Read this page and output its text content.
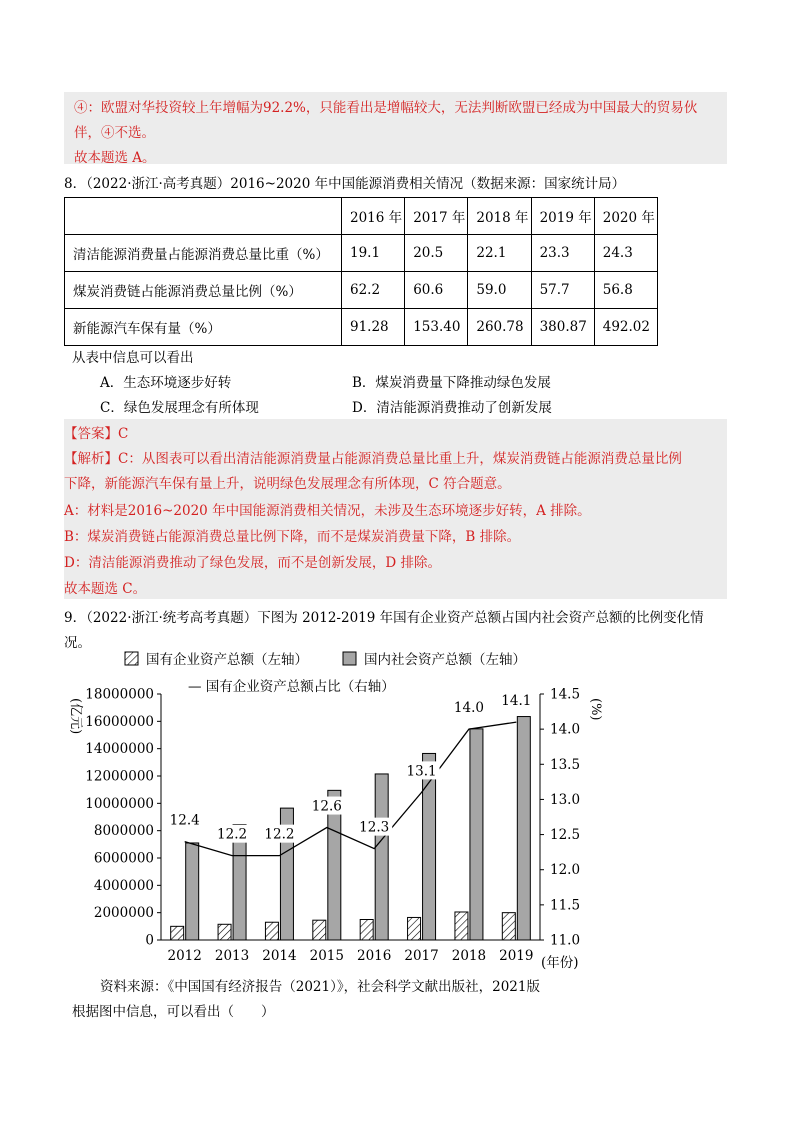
④：欧盟对华投资较上年增幅为92.2%，只能看出是增幅较大，无法判断欧盟已经成为中国最大的贸易伙
伴，④不选。
故本题选 A。
8．（2022·浙江·高考真题）2016~2020 年中国能源消费相关情况（数据来源：国家统计局）
	2016 年	2017 年	2018 年	2019 年	2020 年
清洁能源消费量占能源消费总量比重（%）	19.1	20.5	22.1	23.3	24.3
煤炭消费链占能源消费总量比例（%）	62.2	60.6	59.0	57.7	56.8
新能源汽车保有量（%）	91.28	153.40	260.78	380.87	492.02
从表中信息可以看出
A．生态环境逐步好转	B．煤炭消费量下降推动绿色发展
C．绿色发展理念有所体现	D．清洁能源消费推动了创新发展
【答案】C
【解析】C：从图表可以看出清洁能源消费量占能源消费总量比重上升，煤炭消费链占能源消费总量比例
下降，新能源汽车保有量上升，说明绿色发展理念有所体现，C 符合题意。
A：材料是2016~2020 年中国能源消费相关情况，未涉及生态环境逐步好转，A 排除。
B：煤炭消费链占能源消费总量比例下降，而不是煤炭消费量下降，B 排除。
D：清洁能源消费推动了绿色发展，而不是创新发展，D 排除。
故本题选 C。
9．（2022·浙江·统考高考真题）下图为 2012-2019 年国有企业资产总额占国内社会资产总额的比例变化情
况。
国有企业资产总额（左轴）	国内社会资产总额（左轴）
— 国有企业资产总额占比（右轴）
(亿元)	(%)
(年份)
0
2000000
4000000
6000000
8000000
10000000
12000000
14000000
16000000
18000000
11.0
11.5
12.0
12.5
13.0
13.5
14.0
14.5
12.4
12.2 12.2
12.6
12.3
13.1
14.0 14.1
2012 2013 2014 2015 2016 2017 2018 2019
资料来源：《中国国有经济报告（2021）》，社会科学文献出版社，2021版
根据图中信息，可以看出（　　）
